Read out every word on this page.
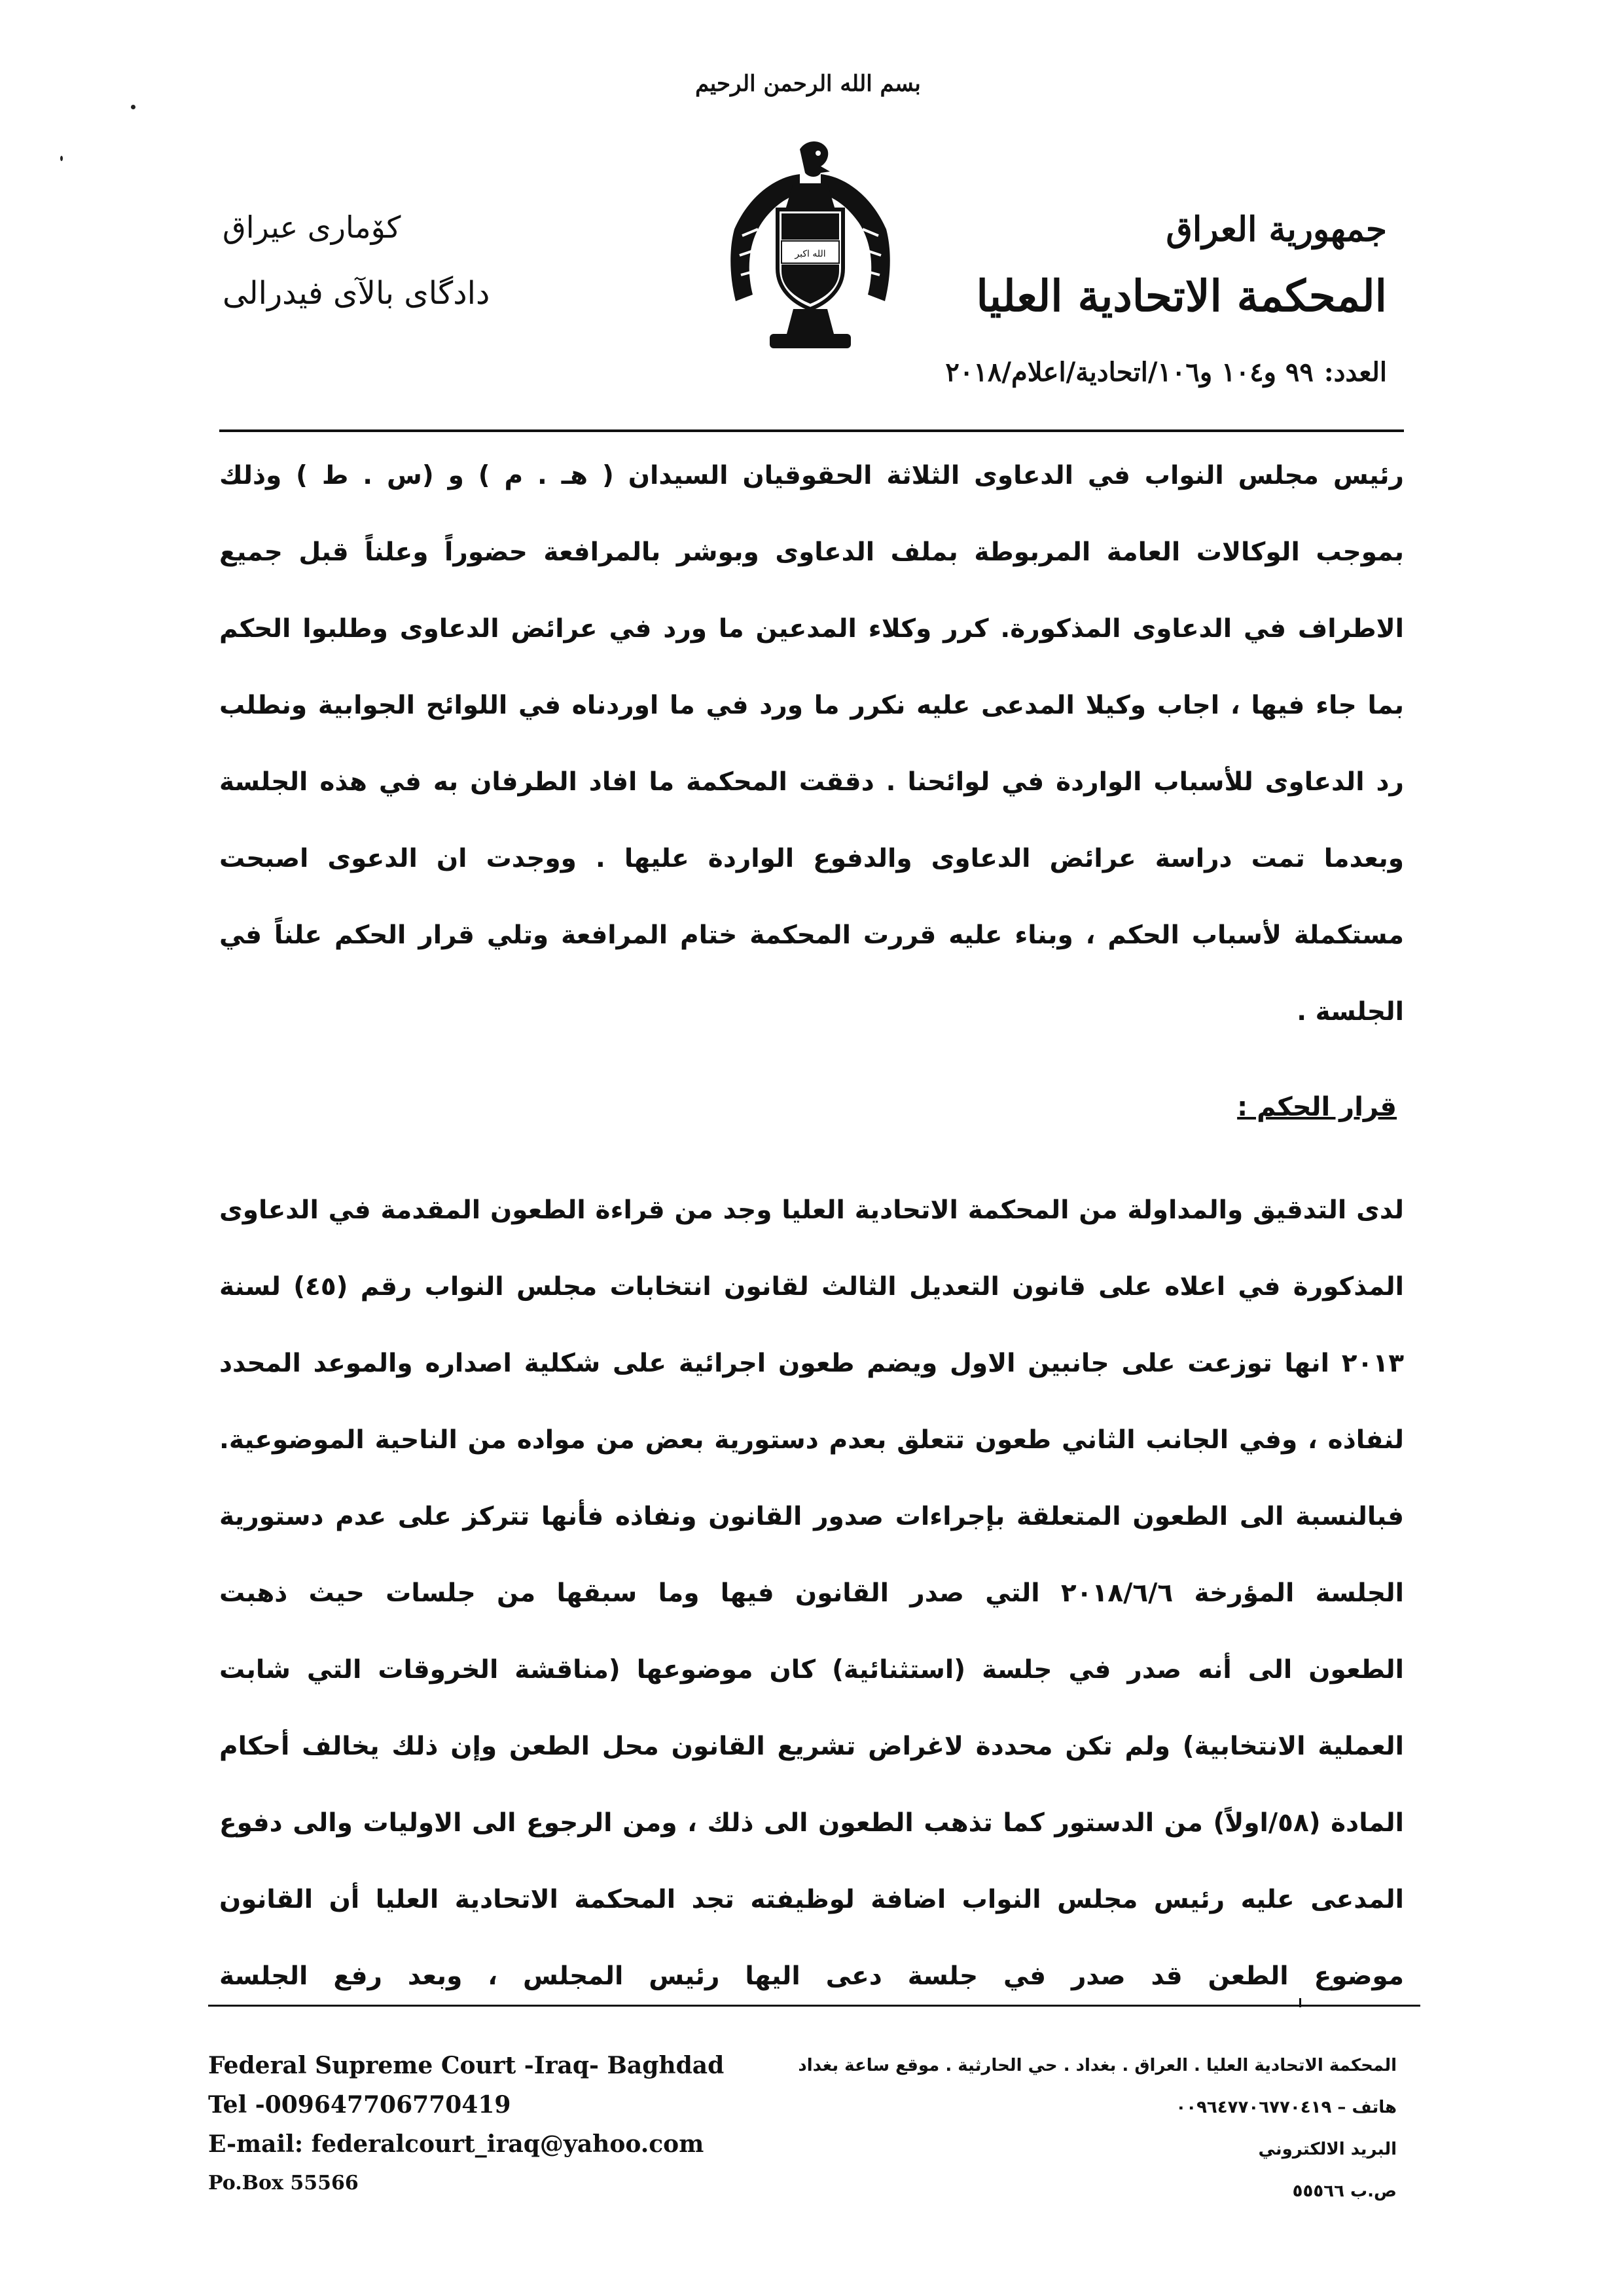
بسم الله الرحمن الرحيم
جمهورية العراق
المحكمة الاتحادية العليا
كۆماری عیراق
دادگای بالآی فیدرالی
الله اكبر
العدد:٩٩ و١٠٤ و١٠٦/اتحادية/اعلام/٢٠١٨
رئيس مجلس النواب في الدعاوى الثلاثة الحقوقيان السيدان ( هـ . م ) و (س . ط ) وذلك
بموجب الوكالات العامة المربوطة بملف الدعاوى وبوشر بالمرافعة حضوراً وعلناً قبل جميع
الاطراف في الدعاوى المذكورة. كرر وكلاء المدعين ما ورد في عرائض الدعاوى وطلبوا الحكم
بما جاء فيها ، اجاب وكيلا المدعى عليه نكرر ما ورد في ما اوردناه في اللوائح الجوابية ونطلب
رد الدعاوى للأسباب الواردة في لوائحنا . دققت المحكمة ما افاد الطرفان به في هذه الجلسة
وبعدما تمت دراسة عرائض الدعاوى والدفوع الواردة عليها . ووجدت ان الدعوى اصبحت
مستكملة لأسباب الحكم ، وبناء عليه قررت المحكمة ختام المرافعة وتلي قرار الحكم علناً في
الجلسة .
قرار الحكم :
لدى التدقيق والمداولة من المحكمة الاتحادية العليا وجد من قراءة الطعون المقدمة في الدعاوى
المذكورة في اعلاه على قانون التعديل الثالث لقانون انتخابات مجلس النواب رقم (٤٥) لسنة
٢٠١٣ انها توزعت على جانبين الاول ويضم طعون اجرائية على شكلية اصداره والموعد المحدد
لنفاذه ، وفي الجانب الثاني طعون تتعلق بعدم دستورية بعض من مواده من الناحية الموضوعية.
فبالنسبة الى الطعون المتعلقة بإجراءات صدور القانون ونفاذه فأنها تتركز على عدم دستورية
الجلسة المؤرخة ٢٠١٨/٦/٦ التي صدر القانون فيها وما سبقها من جلسات حيث ذهبت
الطعون الى أنه صدر في جلسة (استثنائية) كان موضوعها (مناقشة الخروقات التي شابت
العملية الانتخابية) ولم تكن محددة لاغراض تشريع القانون محل الطعن وإن ذلك يخالف أحكام
المادة (٥٨/اولاً) من الدستور كما تذهب الطعون الى ذلك ، ومن الرجوع الى الاوليات والى دفوع
المدعى عليه رئيس مجلس النواب اضافة لوظيفته تجد المحكمة الاتحادية العليا أن القانون
موضوع الطعن قد صدر في جلسة دعى اليها رئيس المجلس ، وبعد رفع الجلسة
Federal Supreme Court -Iraq- Baghdad
Tel -009647706770419
E-mail: federalcourt_iraq@yahoo.com
Po.Box 55566
المحكمة الاتحادية العليا . العراق . بغداد . حي الحارثية . موقع ساعة بغداد
هاتف – ٠٠٩٦٤٧٧٠٦٧٧٠٤١٩
البريد الالكتروني
ص.ب ٥٥٥٦٦
